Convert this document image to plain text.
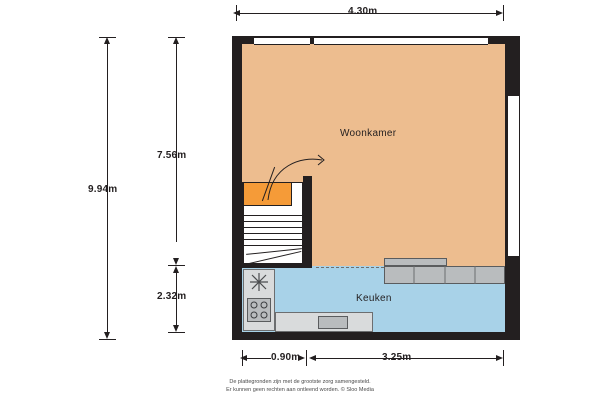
4.30m
9.94m
7.56m
2.32m
0.90m	3.25m
Woonkamer
Keuken
De plattegronden zijn met de grootste zorg samengesteld.
Er kunnen geen rechten aan ontleend worden. © Sloo Media
